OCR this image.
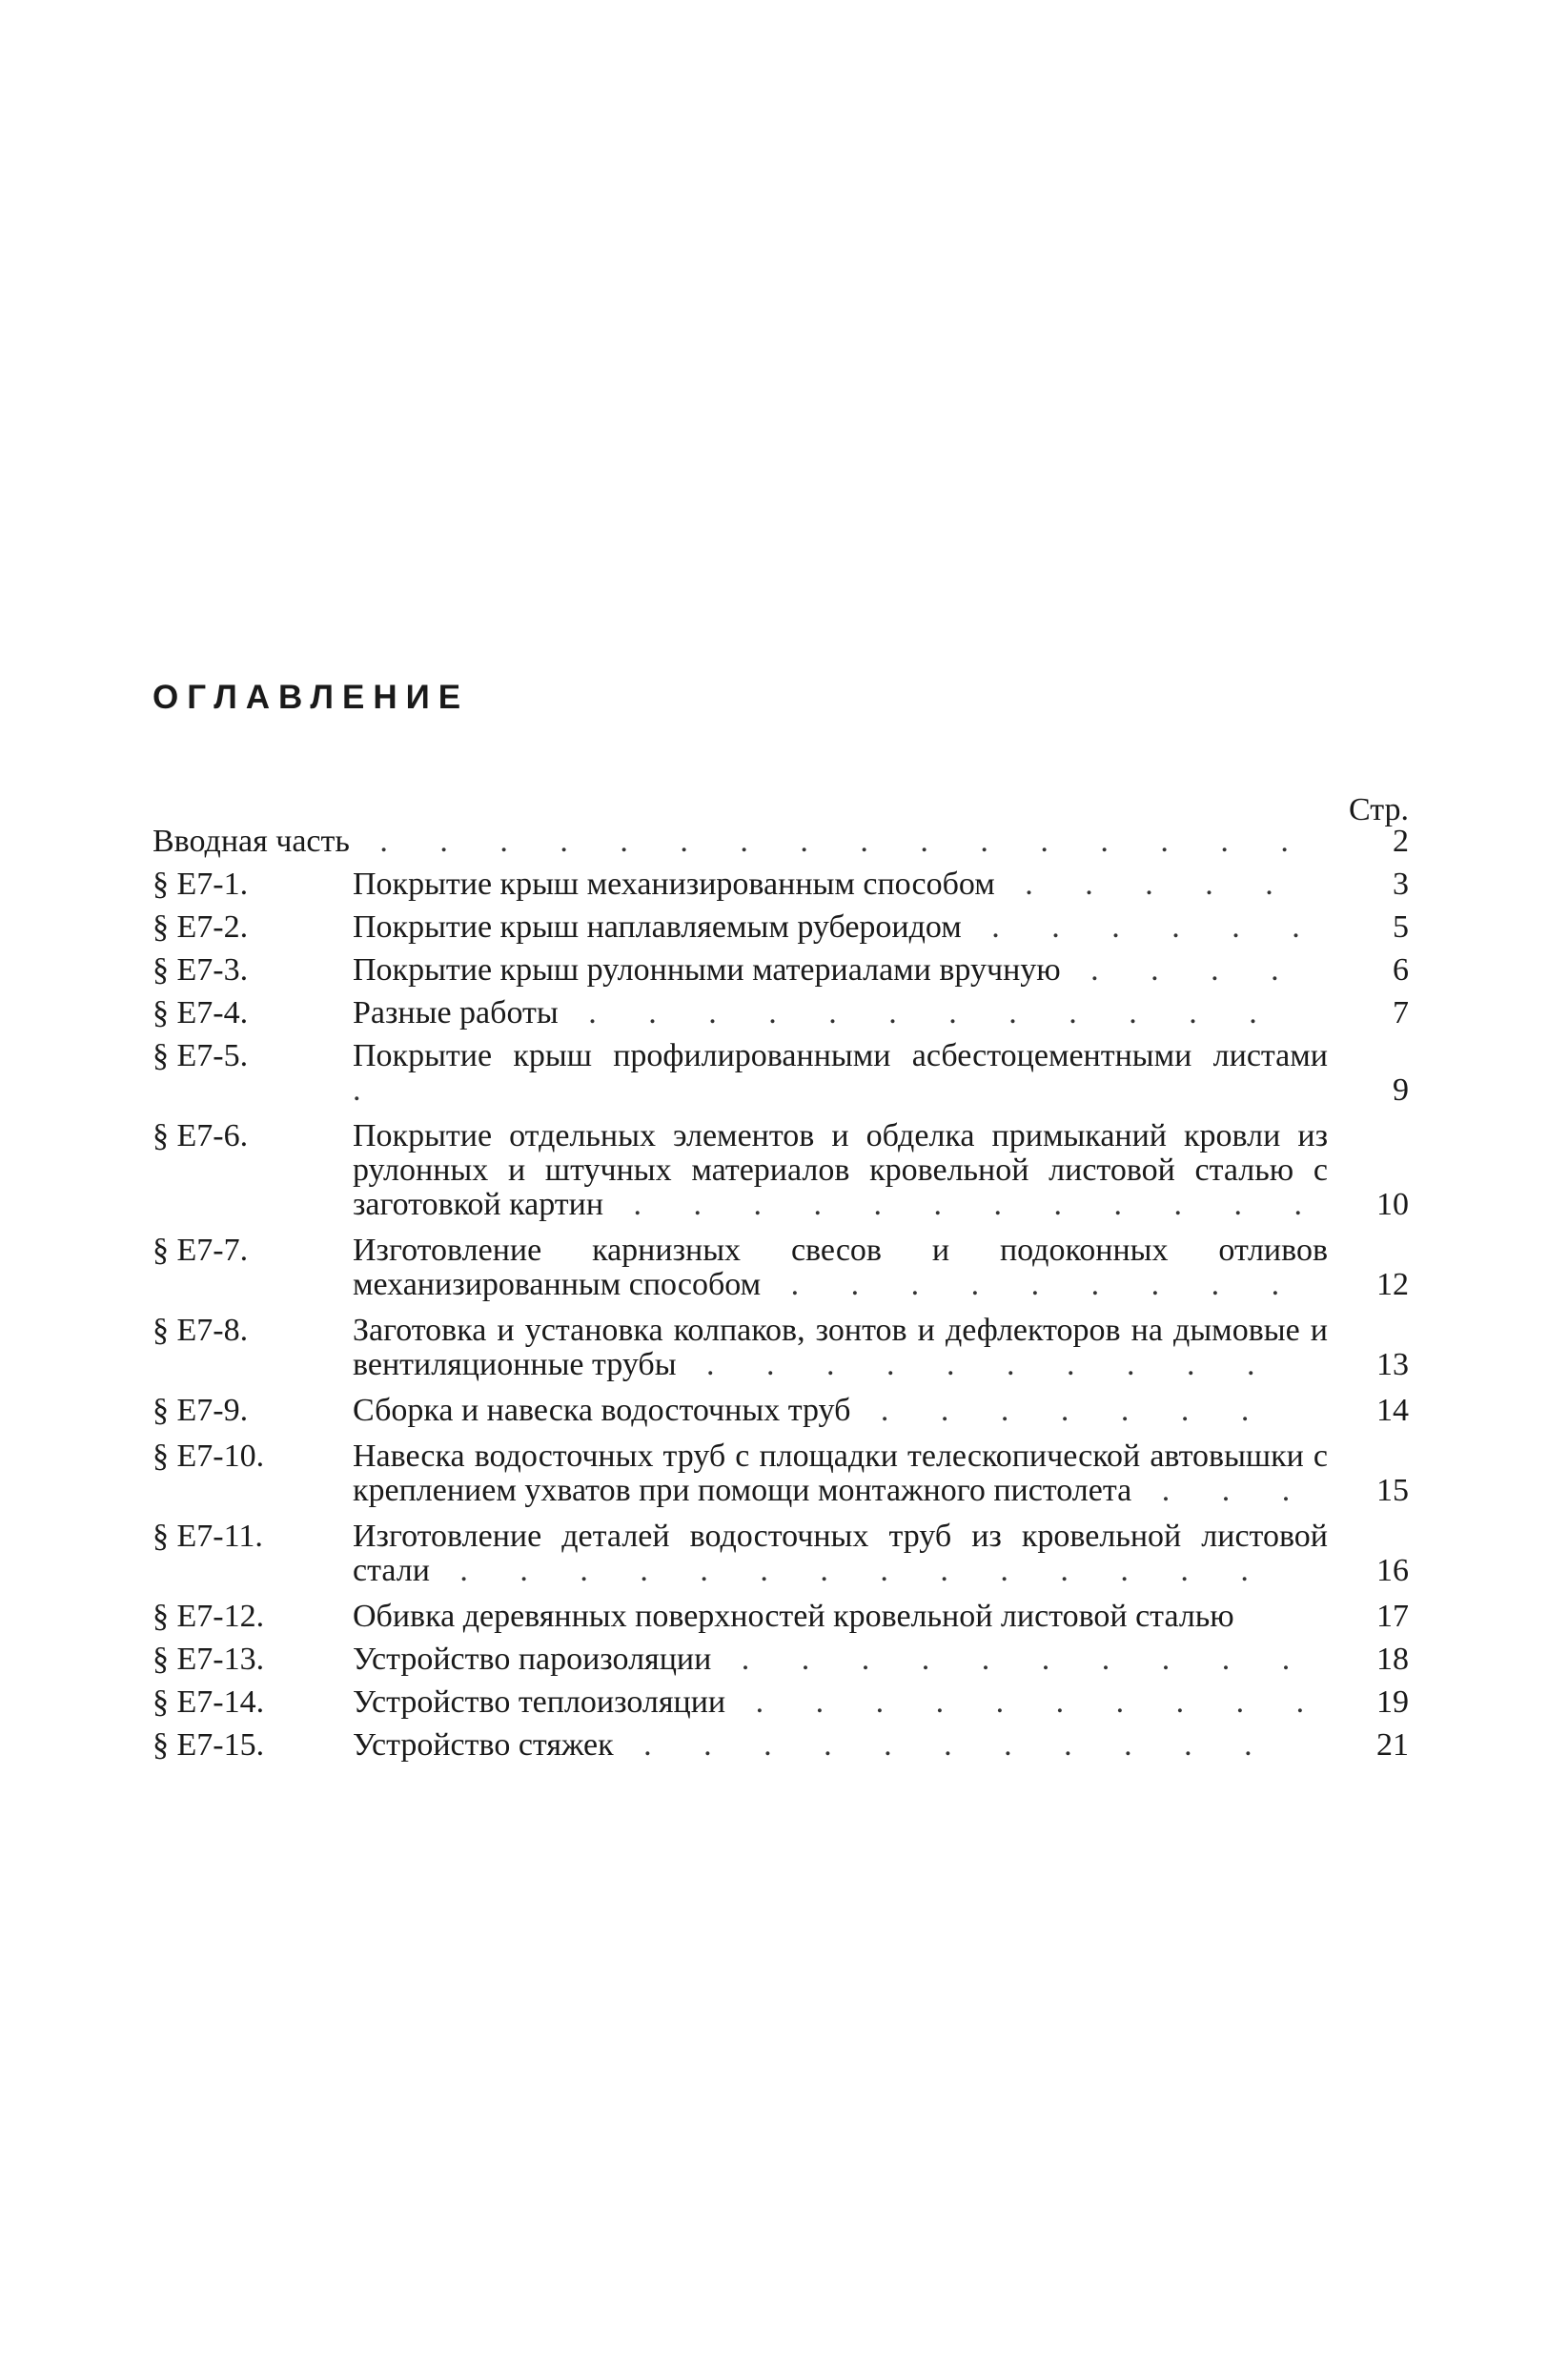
ОГЛАВЛЕНИЕ
Стр.
Вводная часть . . . . . . . . . . . . . . . .	2
§ Е7-1.	Покрытие крыш механизированным способом . . . . .	3
§ Е7-2.	Покрытие крыш наплавляемым рубероидом . . . . . .	5
§ Е7-3.	Покрытие крыш рулонными материалами вручную . . . .	6
§ Е7-4.	Разные работы . . . . . . . . . . . .	7
§ Е7-5.	Покрытие крыш профилированными асбестоцементными листами .	9
§ Е7-6.	Покрытие отдельных элементов и обделка примыканий кровли из рулонных и штучных материалов кровельной листовой сталью с заготовкой картин . . . . . . . . . . . .	10
§ Е7-7.	Изготовление карнизных свесов и подоконных отливов механизированным способом . . . . . . . . .	12
§ Е7-8.	Заготовка и установка колпаков, зонтов и дефлекторов на дымовые и вентиляционные трубы . . . . . . . . . .	13
§ Е7-9.	Сборка и навеска водосточных труб . . . . . . .	14
§ Е7-10.	Навеска водосточных труб с площадки телескопической автовышки с креплением ухватов при помощи монтажного пистолета . . .	15
§ Е7-11.	Изготовление деталей водосточных труб из кровельной листовой стали . . . . . . . . . . . . . .	16
§ Е7-12.	Обивка деревянных поверхностей кровельной листовой сталью	17
§ Е7-13.	Устройство пароизоляции . . . . . . . . . .	18
§ Е7-14.	Устройство теплоизоляции . . . . . . . . . .	19
§ Е7-15.	Устройство стяжек . . . . . . . . . . .	21
